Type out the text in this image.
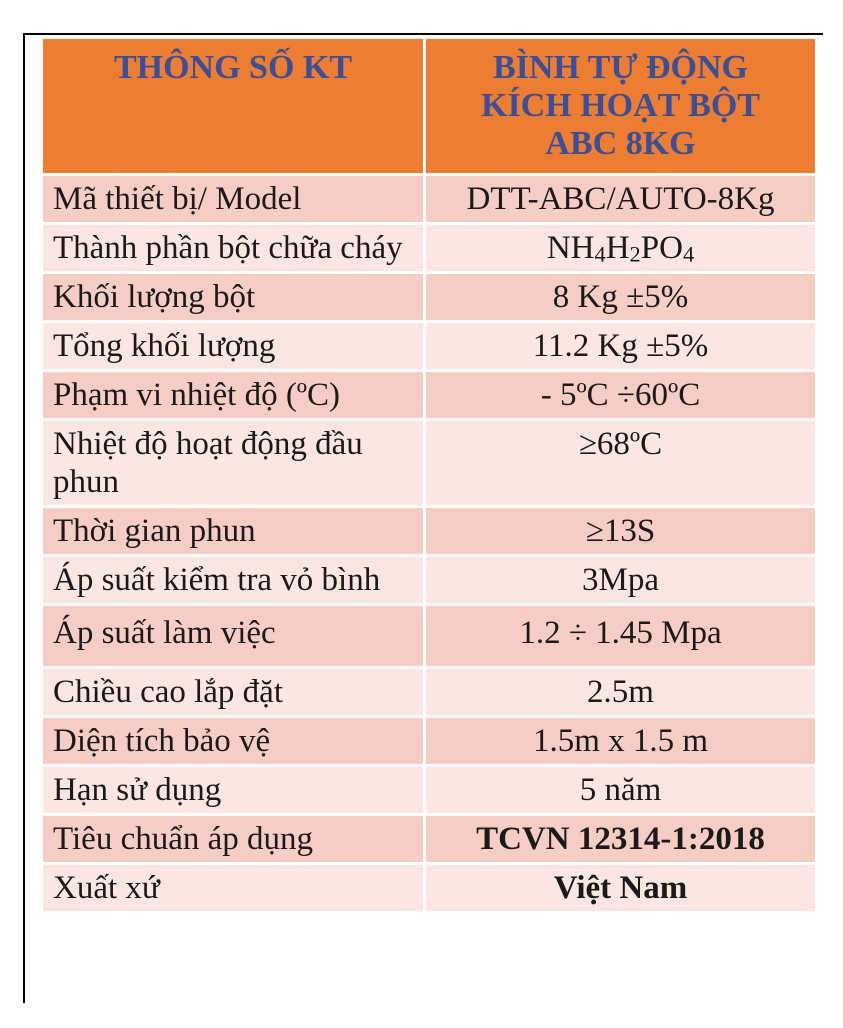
THÔNG SỐ KT	BÌNH TỰ ĐỘNG
KÍCH HOẠT BỘT
ABC 8KG

Mã thiết bị/ Model	DTT-ABC/AUTO-8Kg
Thành phần bột chữa cháy	$NH_4H_2PO_4$
Khối lượng bột	8 Kg ±5%
Tổng khối lượng	11.2 Kg ±5%
Phạm vi nhiệt độ (ºC)	- 5ºC ÷60ºC
Nhiệt độ hoạt động đầu phun	≥68ºC
Thời gian phun	≥13S
Áp suất kiểm tra vỏ bình	3Mpa
Áp suất làm việc	1.2 ÷ 1.45 Mpa
Chiều cao lắp đặt	2.5m
Diện tích bảo vệ	1.5m x 1.5 m
Hạn sử dụng	5 năm
Tiêu chuẩn áp dụng	TCVN 12314-1:2018
Xuất xứ	Việt Nam
